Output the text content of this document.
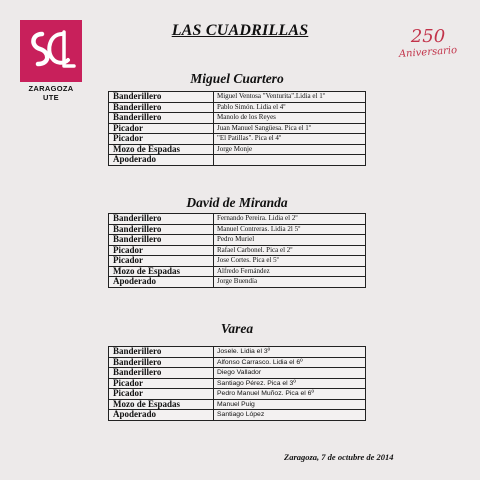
ZARAGOZA UTE
LAS CUADRILLAS	250
Aniversario
Miguel Cuartero
Banderillero	Miguel Ventosa "Venturita".Lidia el 1º
Banderillero	Pablo Simón. Lidia el 4º
Banderillero	Manolo de los Reyes
Picador	Juan Manuel Sangüesa. Pica el 1º
Picador	"El Patillas". Pica el 4º
Mozo de Espadas	Jorge Monje
Apoderado	
David de Miranda
Banderillero	Fernando Pereira. Lidia el 2º
Banderillero	Manuel Contreras. Lidia 2l 5º
Banderillero	Pedro Muriel
Picador	Rafael Carbonel. Pica el 2º
Picador	Jose Cortes. Pica el 5º
Mozo de Espadas	Alfredo Fernández
Apoderado	Jorge Buendía
Varea
Banderillero	Josele. Lidia el 3º
Banderillero	Alfonso Carrasco. Lidia el 6º
Banderillero	Diego Vallador
Picador	Santiago Pérez. Pica el 3º
Picador	Pedro Manuel Muñoz. Pica el 6º
Mozo de Espadas	Manuel Puig
Apoderado	Santiago López
Zaragoza, 7 de octubre de 2014
